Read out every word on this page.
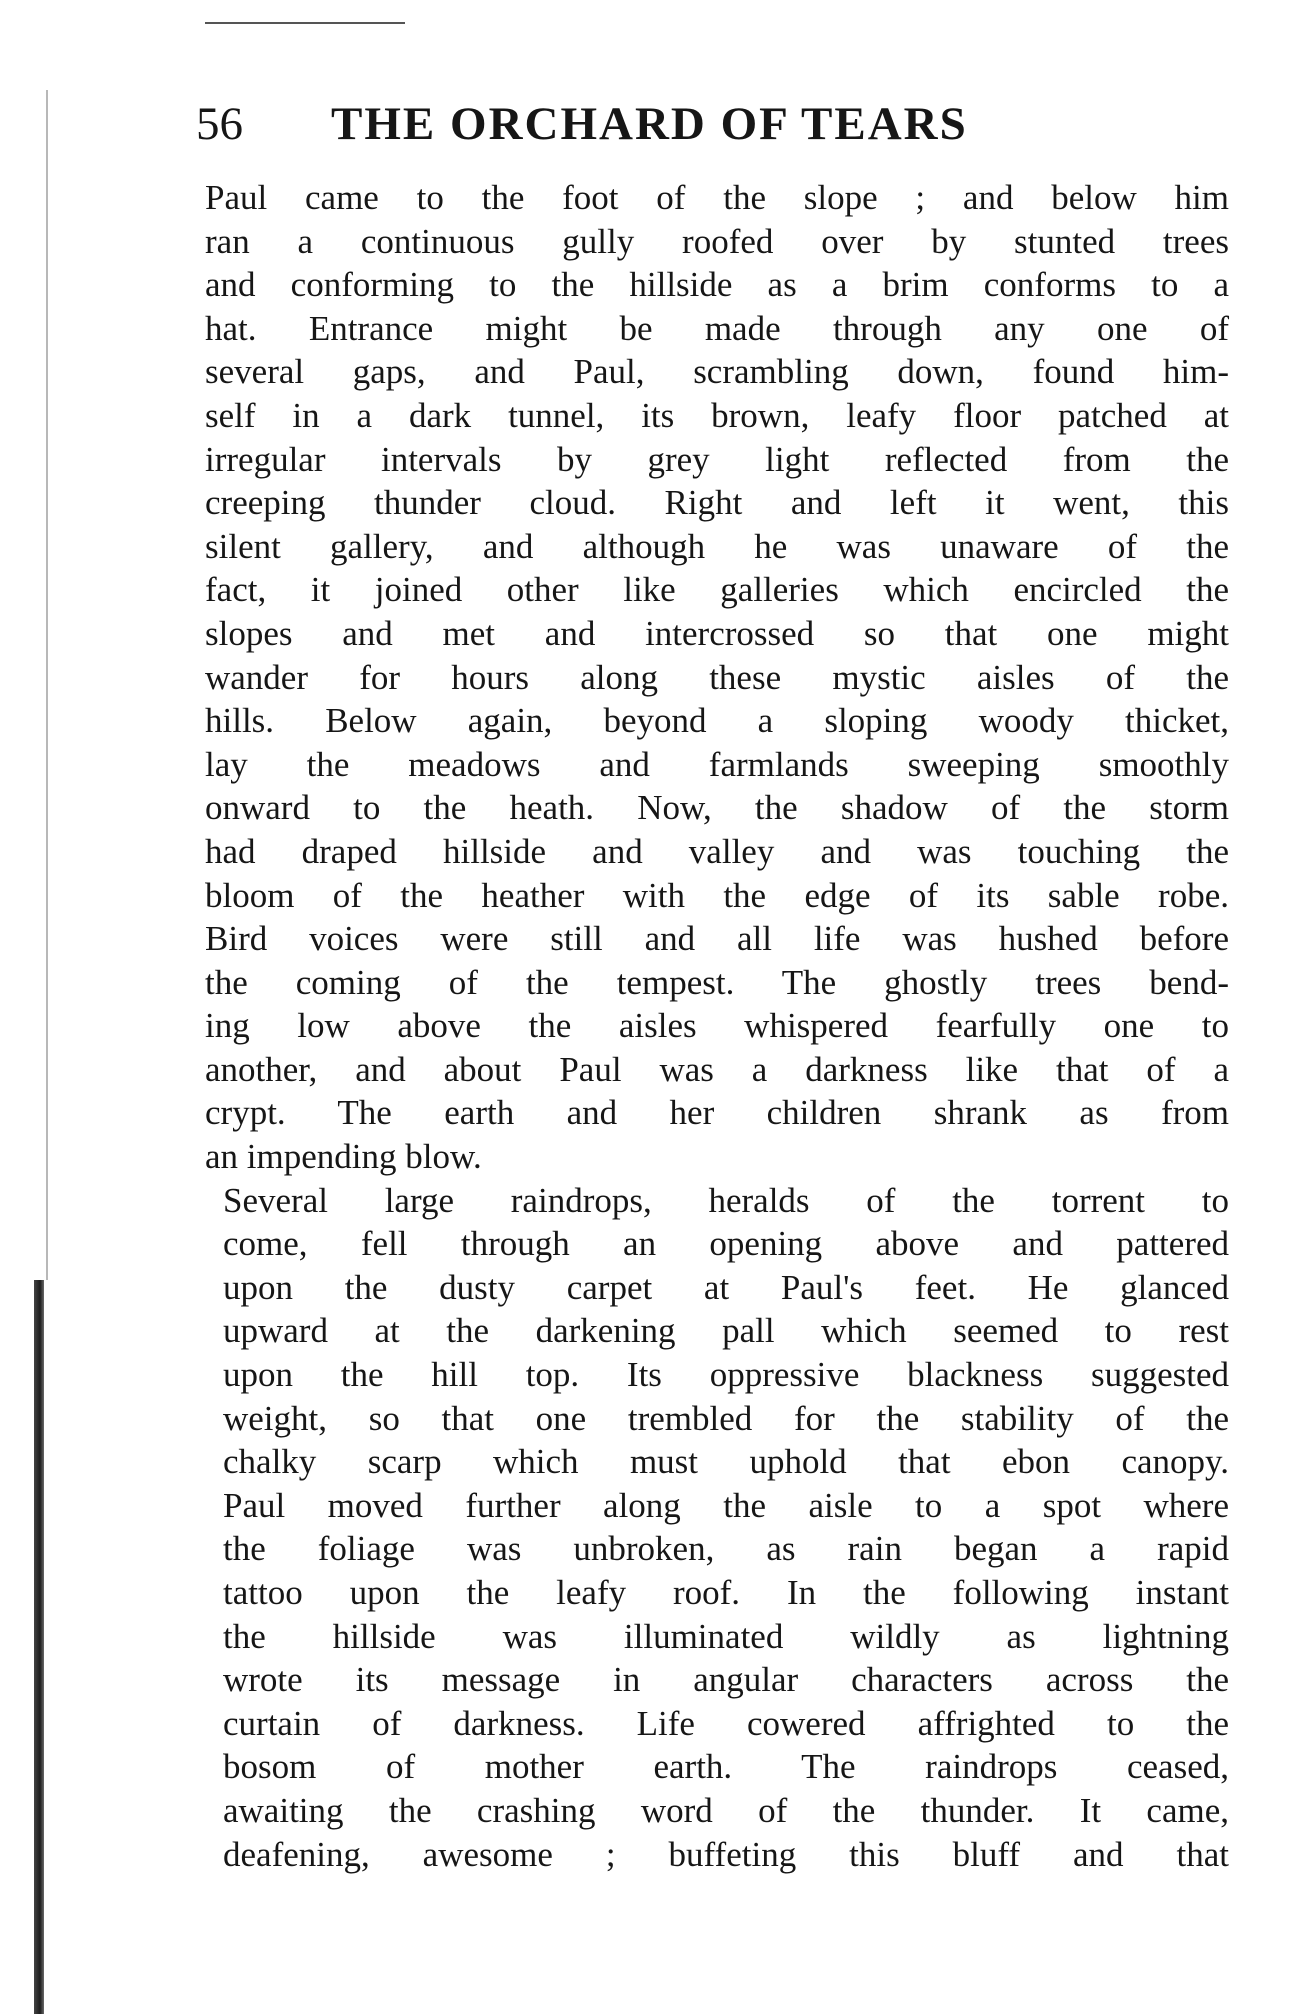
56 THE ORCHARD OF TEARS
Paul came to the foot of the slope ; and below him
ran a continuous gully roofed over by stunted trees
and conforming to the hillside as a brim conforms to a
hat. Entrance might be made through any one of
several gaps, and Paul, scrambling down, found him-
self in a dark tunnel, its brown, leafy floor patched at
irregular intervals by grey light reflected from the
creeping thunder cloud. Right and left it went, this
silent gallery, and although he was unaware of the
fact, it joined other like galleries which encircled the
slopes and met and intercrossed so that one might
wander for hours along these mystic aisles of the
hills. Below again, beyond a sloping woody thicket,
lay the meadows and farmlands sweeping smoothly
onward to the heath. Now, the shadow of the storm
had draped hillside and valley and was touching the
bloom of the heather with the edge of its sable robe.
Bird voices were still and all life was hushed before
the coming of the tempest. The ghostly trees bend-
ing low above the aisles whispered fearfully one to
another, and about Paul was a darkness like that of a
crypt. The earth and her children shrank as from
an impending blow.
Several large raindrops, heralds of the torrent to
come, fell through an opening above and pattered
upon the dusty carpet at Paul's feet. He glanced
upward at the darkening pall which seemed to rest
upon the hill top. Its oppressive blackness suggested
weight, so that one trembled for the stability of the
chalky scarp which must uphold that ebon canopy.
Paul moved further along the aisle to a spot where
the foliage was unbroken, as rain began a rapid
tattoo upon the leafy roof. In the following instant
the hillside was illuminated wildly as lightning
wrote its message in angular characters across the
curtain of darkness. Life cowered affrighted to the
bosom of mother earth. The raindrops ceased,
awaiting the crashing word of the thunder. It came,
deafening, awesome ; buffeting this bluff and that
